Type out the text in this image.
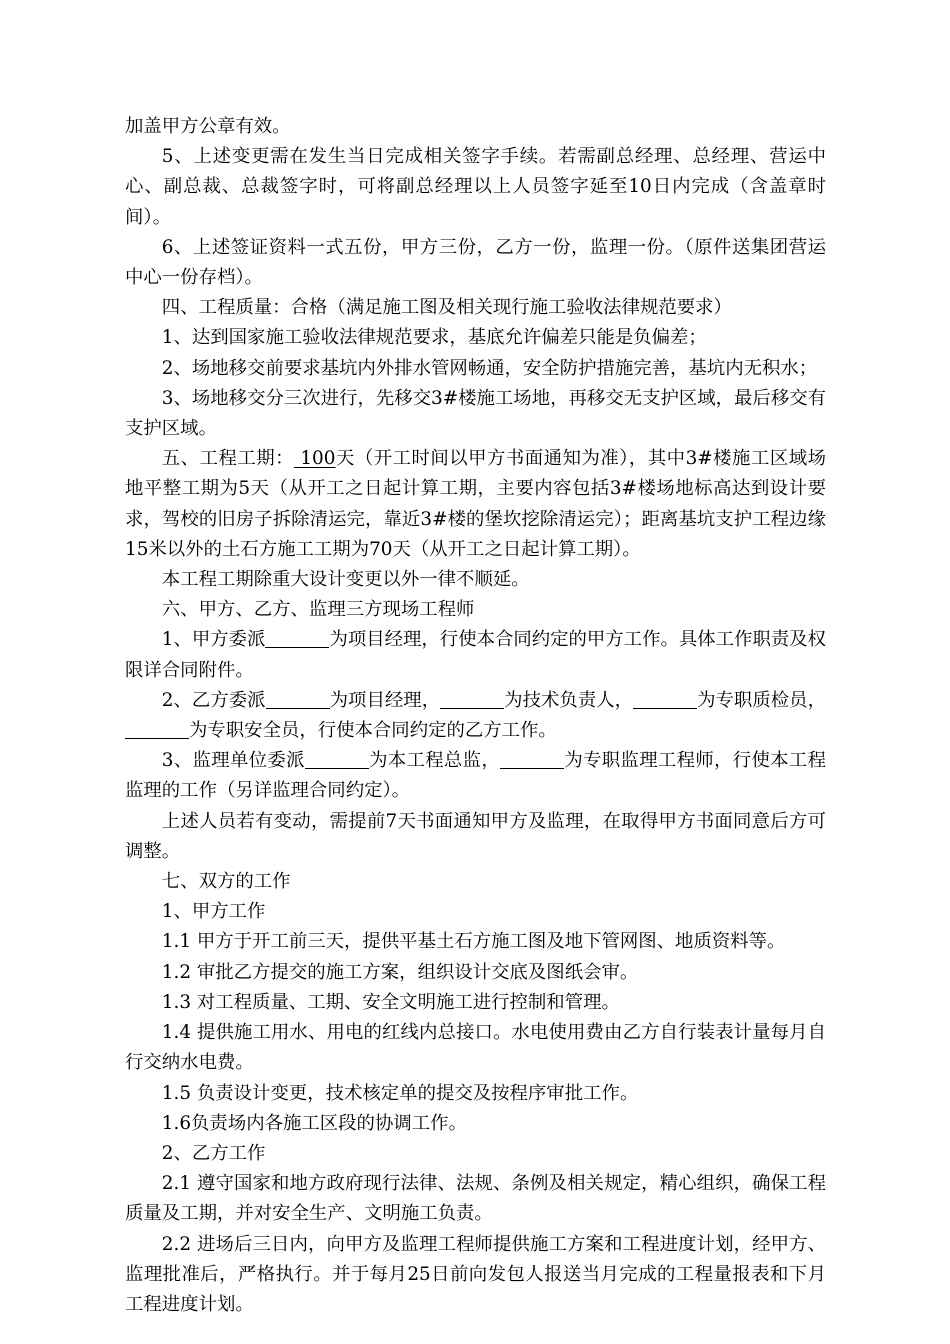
加盖甲方公章有效。

5、上述变更需在发生当日完成相关签字手续。若需副总经理、总经理、营运中心、副总裁、总裁签字时，可将副总经理以上人员签字延至10日内完成（含盖章时间）。

6、上述签证资料一式五份，甲方三份，乙方一份，监理一份。（原件送集团营运中心一份存档）。

四、工程质量：合格（满足施工图及相关现行施工验收法律规范要求）

1、达到国家施工验收法律规范要求，基底允许偏差只能是负偏差；

2、场地移交前要求基坑内外排水管网畅通，安全防护措施完善，基坑内无积水；

3、场地移交分三次进行，先移交3#楼施工场地，再移交无支护区域，最后移交有支护区域。

五、工程工期： 100天（开工时间以甲方书面通知为准），其中3#楼施工区域场地平整工期为5天（从开工之日起计算工期，主要内容包括3#楼场地标高达到设计要求，驾校的旧房子拆除清运完，靠近3#楼的堡坎挖除清运完）；距离基坑支护工程边缘15米以外的土石方施工工期为70天（从开工之日起计算工期）。

本工程工期除重大设计变更以外一律不顺延。

六、甲方、乙方、监理三方现场工程师

1、甲方委派	为项目经理，行使本合同约定的甲方工作。具体工作职责及权限详合同附件。

2、乙方委派	为项目经理，	为技术负责人，	为专职质检员，为专职安全员，行使本合同约定的乙方工作。

3、监理单位委派	为本工程总监，	为专职监理工程师，行使本工程监理的工作（另详监理合同约定）。

上述人员若有变动，需提前7天书面通知甲方及监理，在取得甲方书面同意后方可调整。

七、双方的工作

1、甲方工作

1.1 甲方于开工前三天，提供平基土石方施工图及地下管网图、地质资料等。

1.2 审批乙方提交的施工方案，组织设计交底及图纸会审。

1.3 对工程质量、工期、安全文明施工进行控制和管理。

1.4 提供施工用水、用电的红线内总接口。水电使用费由乙方自行装表计量每月自行交纳水电费。

1.5 负责设计变更，技术核定单的提交及按程序审批工作。

1.6负责场内各施工区段的协调工作。

2、乙方工作

2.1 遵守国家和地方政府现行法律、法规、条例及相关规定，精心组织，确保工程质量及工期，并对安全生产、文明施工负责。

2.2 进场后三日内，向甲方及监理工程师提供施工方案和工程进度计划，经甲方、监理批准后，严格执行。并于每月25日前向发包人报送当月完成的工程量报表和下月工程进度计划。
